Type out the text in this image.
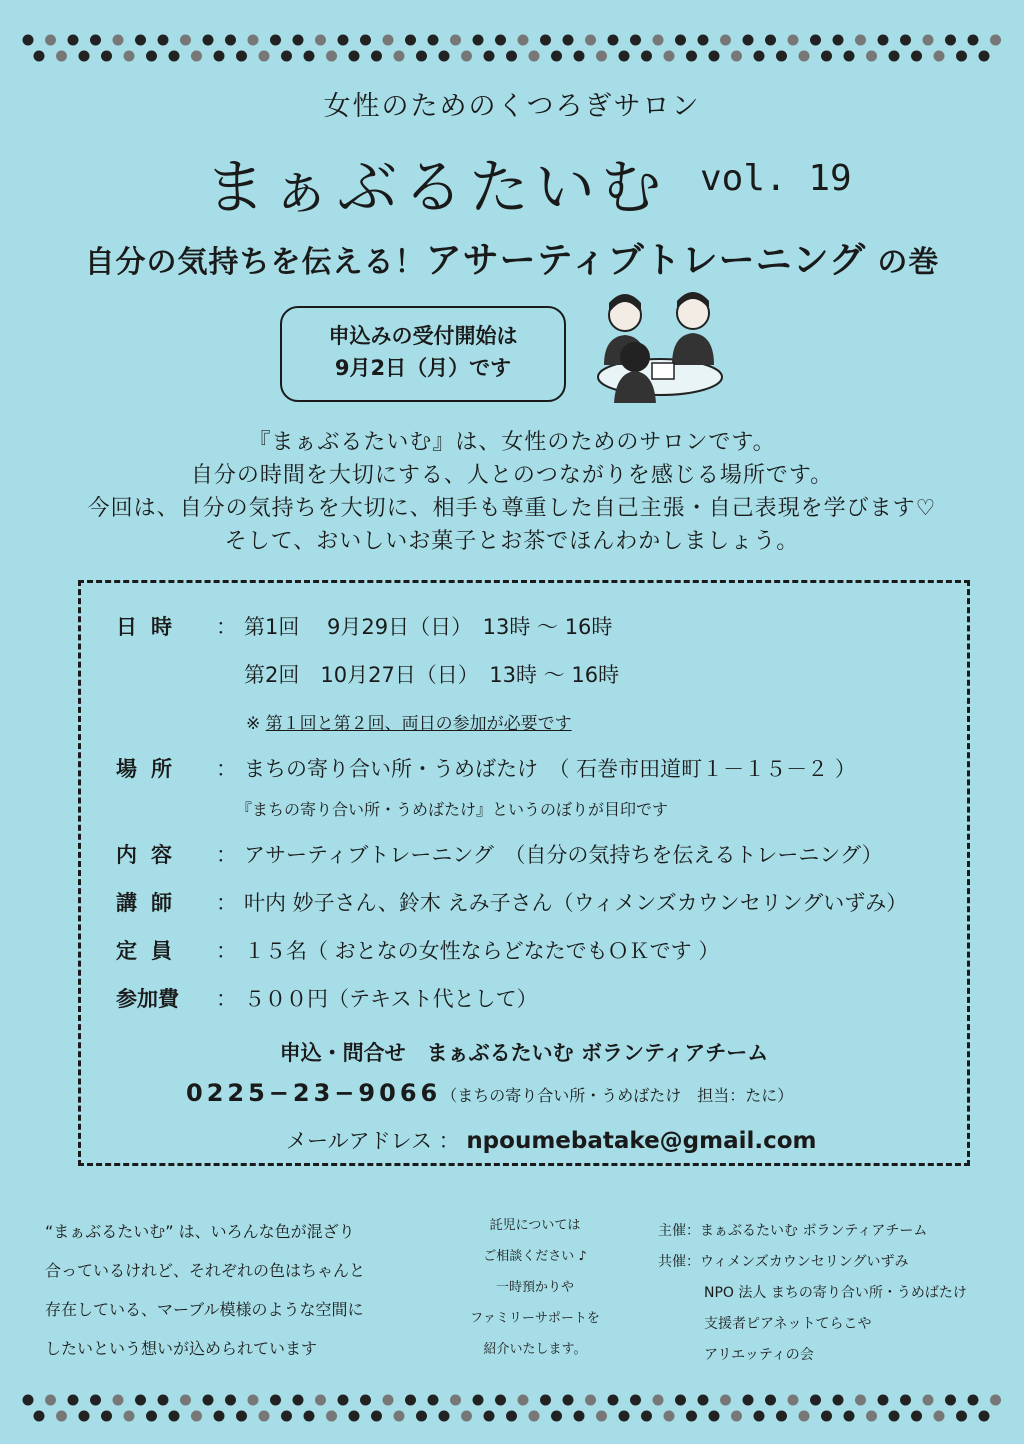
女性のためのくつろぎサロン
まぁぶるたいむ vol. 19
自分の気持ちを伝える！アサーティブトレーニング の巻
申込みの受付開始は
9月2日（月）です
『まぁぶるたいむ』は、女性のためのサロンです。
自分の時間を大切にする、人とのつながりを感じる場所です。
今回は、自分の気持ちを大切に、相手も尊重した自己主張・自己表現を学びます♡
そして、おいしいお菓子とお茶でほんわかしましょう。
日時 ： 第1回　 9月29日（日）　13時 ～ 16時
第2回　10月27日（日）　13時 ～ 16時
※ 第１回と第２回、両日の参加が必要です
場所 ： まちの寄り合い所・うめばたけ　（ 石巻市田道町１－１５－２ ）
『まちの寄り合い所・うめばたけ』というのぼりが目印です
内容 ： アサーティブトレーニング　（自分の気持ちを伝えるトレーニング）
講師 ： 叶内 妙子さん、鈴木 えみ子さん（ウィメンズカウンセリングいずみ）
定員 ： １５名（ おとなの女性ならどなたでもＯＫです ）
参加費 ： ５００円（テキスト代として）
申込・問合せ　まぁぶるたいむ ボランティアチーム
0225−23−9066（まちの寄り合い所・うめばたけ　担当：たに）
メールアドレス ： npoumebatake@gmail.com
“まぁぶるたいむ” は、いろんな色が混ざり
合っているけれど、それぞれの色はちゃんと
存在している、マーブル模様のような空間に
したいという想いが込められています
託児については
ご相談ください ♪
一時預かりや
ファミリーサポートを
紹介いたします。
主催：まぁぶるたいむ ボランティアチーム
共催：ウィメンズカウンセリングいずみ
NPO 法人 まちの寄り合い所・うめばたけ
支援者ピアネットてらこや
アリエッティの会
